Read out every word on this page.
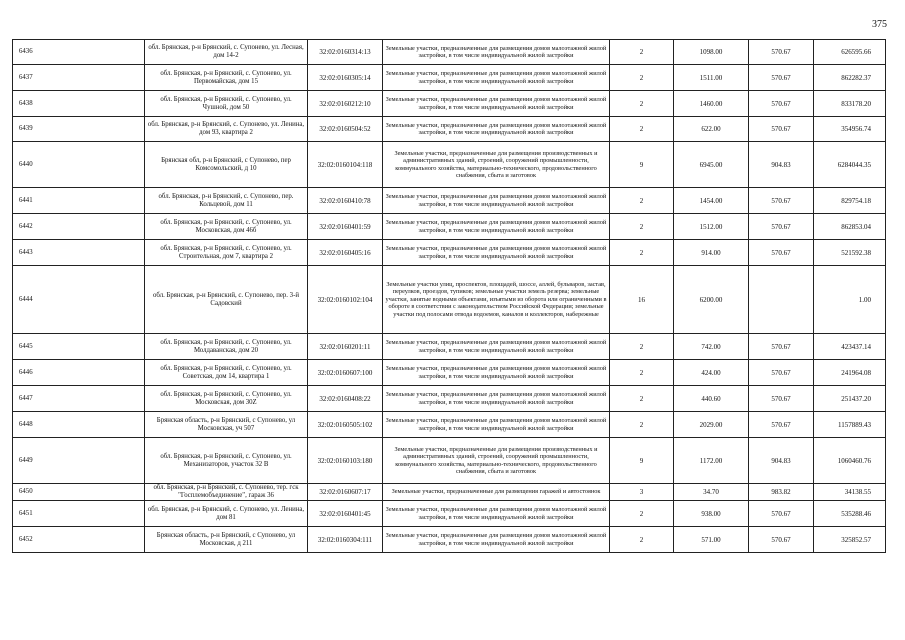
375
6436	обл. Брянская, р-н Брянский, с. Супонево, ул. Лесная, дом 14-2	32:02:0160314:13	Земельные участки, предназначенные для размещения домов малоэтажной жилой застройки, в том числе индивидуальной жилой застройки	2	1098.00	570.67	626595.66
6437	обл. Брянская, р-н Брянский, с. Супонево, ул. Первомайская, дом 15	32:02:0160305:14	Земельные участки, предназначенные для размещения домов малоэтажной жилой застройки, в том числе индивидуальной жилой застройки	2	1511.00	570.67	862282.37
6438	обл. Брянская, р-н Брянский, с. Супонево, ул. Чушной, дом 50	32:02:0160212:10	Земельные участки, предназначенные для размещения домов малоэтажной жилой застройки, в том числе индивидуальной жилой застройки	2	1460.00	570.67	833178.20
6439	обл. Брянская, р-н Брянский, с. Супонево, ул. Ленина, дом 93, квартира 2	32:02:0160504:52	Земельные участки, предназначенные для размещения домов малоэтажной жилой застройки, в том числе индивидуальной жилой застройки	2	622.00	570.67	354956.74
6440	Брянская обл, р-н Брянский, с Супонево, пер Комсомольский, д 10	32:02:0160104:118	Земельные участки, предназначенные для размещения производственных и административных зданий, строений, сооружений промышленности, коммунального хозяйства, материально-технического, продовольственного снабжения, сбыта и заготовок	9	6945.00	904.83	6284044.35
6441	обл. Брянская, р-н Брянский, с. Супонево, пер. Кольцевой, дом 11	32:02:0160410:78	Земельные участки, предназначенные для размещения домов малоэтажной жилой застройки, в том числе индивидуальной жилой застройки	2	1454.00	570.67	829754.18
6442	обл. Брянская, р-н Брянский, с. Супонево, ул. Московская, дом 46б	32:02:0160401:59	Земельные участки, предназначенные для размещения домов малоэтажной жилой застройки, в том числе индивидуальной жилой застройки	2	1512.00	570.67	862853.04
6443	обл. Брянская, р-н Брянский, с. Супонево, ул. Строительная, дом 7, квартира 2	32:02:0160405:16	Земельные участки, предназначенные для размещения домов малоэтажной жилой застройки, в том числе индивидуальной жилой застройки	2	914.00	570.67	521592.38
6444	обл. Брянская, р-н Брянский, с. Супонево, пер. 3-й Садовский	32:02:0160102:104	Земельные участки улиц, проспектов, площадей, шоссе, аллей, бульваров, застав, переулков, проездов, тупиков; земельные участки земель резерва; земельные участки, занятые водными объектами, изъятыми из оборота или ограниченными в обороте в соответствии с законодательством Российской Федерации; земельные участки под полосами отвода водоемов, каналов и коллекторов, набережные	16	6200.00		1.00
6445	обл. Брянская, р-н Брянский, с. Супонево, ул. Молдаванская, дом 20	32:02:0160201:11	Земельные участки, предназначенные для размещения домов малоэтажной жилой застройки, в том числе индивидуальной жилой застройки	2	742.00	570.67	423437.14
6446	обл. Брянская, р-н Брянский, с. Супонево, ул. Советская, дом 14, квартира 1	32:02:0160607:100	Земельные участки, предназначенные для размещения домов малоэтажной жилой застройки, в том числе индивидуальной жилой застройки	2	424.00	570.67	241964.08
6447	обл. Брянская, р-н Брянский, с. Супонево, ул. Московская, дом 30Z	32:02:0160408:22	Земельные участки, предназначенные для размещения домов малоэтажной жилой застройки, в том числе индивидуальной жилой застройки	2	440.60	570.67	251437.20
6448	Брянская область, р-н Брянский, с Супонево, ул Московская, уч 507	32:02:0160505:102	Земельные участки, предназначенные для размещения домов малоэтажной жилой застройки, в том числе индивидуальной жилой застройки	2	2029.00	570.67	1157889.43
6449	обл. Брянская, р-н Брянский, с. Супонево, ул. Механизаторов, участок 32 В	32:02:0160103:180	Земельные участки, предназначенные для размещения производственных и административных зданий, строений, сооружений промышленности, коммунального хозяйства, материально-технического, продовольственного снабжения, сбыта и заготовок	9	1172.00	904.83	1060460.76
6450	обл. Брянская, р-н Брянский, с. Супонево, тер. гск "Госплемобъединение", гараж 36	32:02:0160607:17	Земельные участки, предназначенные для размещения гаражей и автостоянок	3	34.70	983.82	34138.55
6451	обл. Брянская, р-н Брянский, с. Супонево, ул. Ленина, дом 81	32:02:0160401:45	Земельные участки, предназначенные для размещения домов малоэтажной жилой застройки, в том числе индивидуальной жилой застройки	2	938.00	570.67	535288.46
6452	Брянская область, р-н Брянский, с Супонево, ул Московская, д 211	32:02:0160304:111	Земельные участки, предназначенные для размещения домов малоэтажной жилой застройки, в том числе индивидуальной жилой застройки	2	571.00	570.67	325852.57
